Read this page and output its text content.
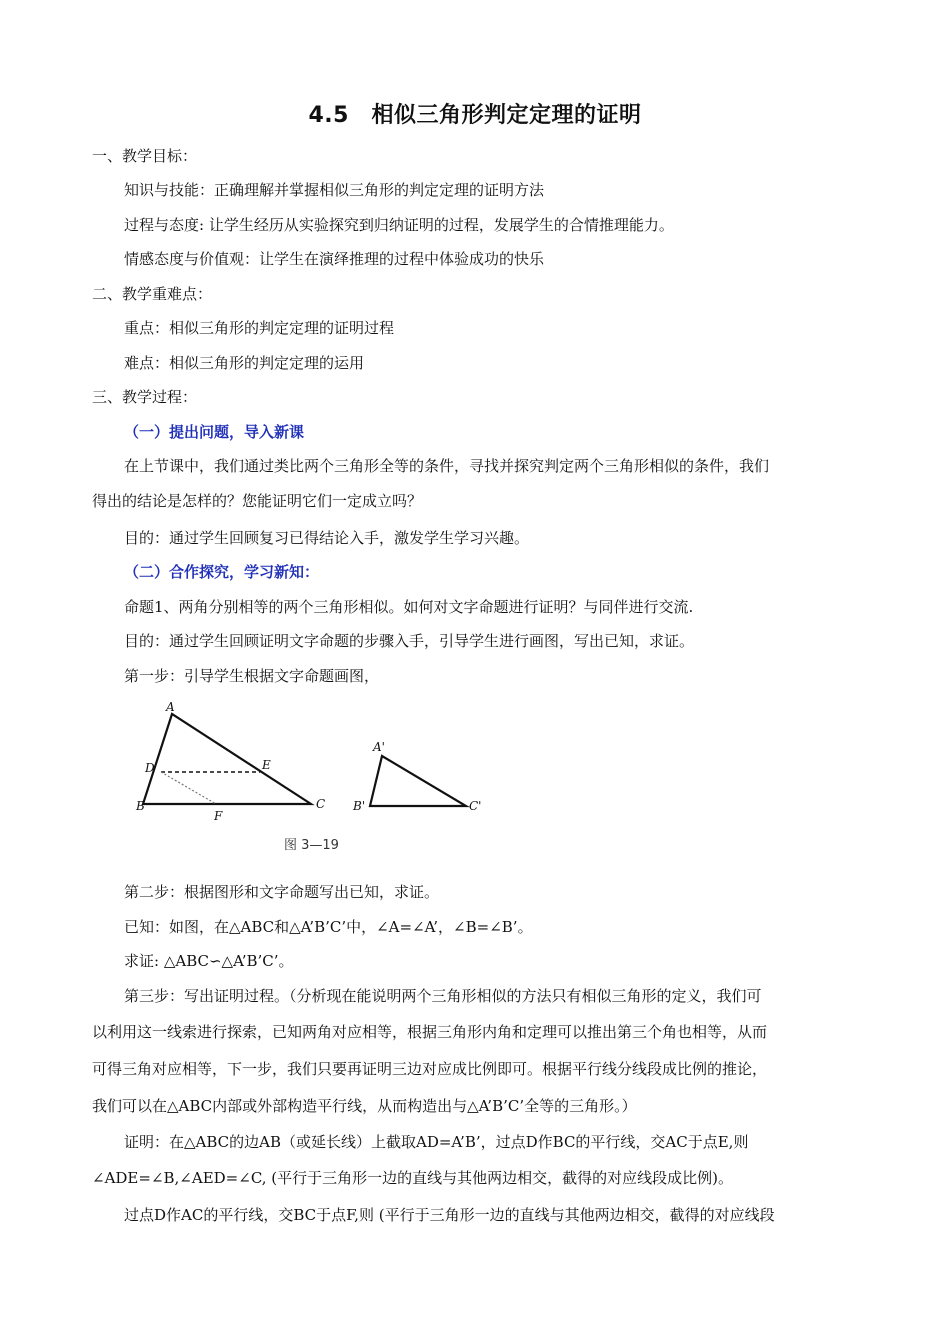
4.5　相似三角形判定定理的证明
一、教学目标：
知识与技能：正确理解并掌握相似三角形的判定定理的证明方法
过程与态度: 让学生经历从实验探究到归纳证明的过程，发展学生的合情推理能力。
情感态度与价值观：让学生在演绎推理的过程中体验成功的快乐
二、教学重难点：
重点：相似三角形的判定定理的证明过程
难点：相似三角形的判定定理的运用
三、教学过程：
（一）提出问题，导入新课
在上节课中，我们通过类比两个三角形全等的条件，寻找并探究判定两个三角形相似的条件，我们
得出的结论是怎样的？您能证明它们一定成立吗？
目的：通过学生回顾复习已得结论入手，激发学生学习兴趣。
（二）合作探究，学习新知：
命题1、两角分别相等的两个三角形相似。如何对文字命题进行证明？与同伴进行交流.
目的：通过学生回顾证明文字命题的步骤入手，引导学生进行画图，写出已知，求证。
第一步：引导学生根据文字命题画图，
A
D	E
B
F
C
A'
B'	C'
图 3—19
第二步：根据图形和文字命题写出已知，求证。
已知：如图，在△ABC和△A’B’C’中，∠A=∠A’，∠B=∠B’。
求证: △ABC∽△A’B’C’。
第三步：写出证明过程。（分析现在能说明两个三角形相似的方法只有相似三角形的定义，我们可
以利用这一线索进行探索，已知两角对应相等，根据三角形内角和定理可以推出第三个角也相等，从而
可得三角对应相等，下一步，我们只要再证明三边对应成比例即可。根据平行线分线段成比例的推论，
我们可以在△ABC内部或外部构造平行线，从而构造出与△A’B’C’全等的三角形。）
证明：在△ABC的边AB（或延长线）上截取AD=A’B’，过点D作BC的平行线，交AC于点E,则
∠ADE=∠B,∠AED=∠C, (平行于三角形一边的直线与其他两边相交，截得的对应线段成比例)。
过点D作AC的平行线，交BC于点F,则 (平行于三角形一边的直线与其他两边相交，截得的对应线段
